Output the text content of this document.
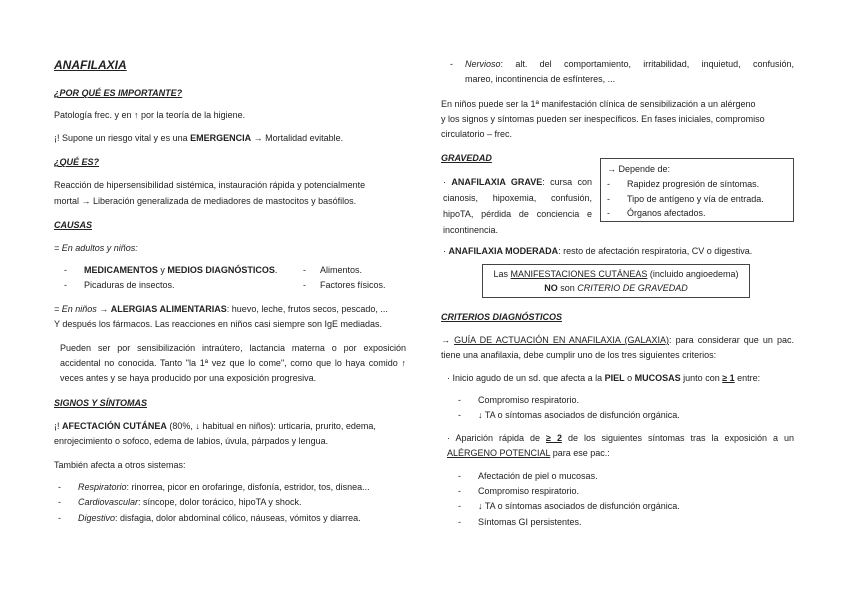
ANAFILAXIA
¿POR QUÉ ES IMPORTANTE?
Patología frec. y en ↑ por la teoría de la higiene.
¡! Supone un riesgo vital y es una EMERGENCIA → Mortalidad evitable.
¿QUÉ ES?
Reacción de hipersensibilidad sistémica, instauración rápida y potencialmente
mortal → Liberación generalizada de mediadores de mastocitos y basófilos.
CAUSAS
= En adultos y niños:
- MEDICAMENTOS y MEDIOS DIAGNÓSTICOS.
- Picaduras de insectos.
- Alimentos.
- Factores físicos.
= En niños → ALERGIAS ALIMENTARIAS: huevo, leche, frutos secos, pescado, ...
Y después los fármacos. Las reacciones en niños casi siempre son IgE mediadas.
Pueden ser por sensibilización intraútero, lactancia materna o por exposición accidental no conocida. Tanto "la 1ª vez que lo come", como que lo haya comido ↑ veces antes y se haya producido por una exposición progresiva.
SIGNOS Y SÍNTOMAS
¡! AFECTACIÓN CUTÁNEA (80%, ↓ habitual en niños): urticaria, prurito, edema,
enrojecimiento o sofoco, edema de labios, úvula, párpados y lengua.
También afecta a otros sistemas:
- Respiratorio: rinorrea, picor en orofaringe, disfonía, estridor, tos, disnea...
- Cardiovascular: síncope, dolor torácico, hipoTA y shock.
- Digestivo: disfagia, dolor abdominal cólico, náuseas, vómitos y diarrea.
- Nervioso: alt. del comportamiento, irritabilidad, inquietud, confusión,
mareo, incontinencia de esfínteres, ...
En niños puede ser la 1ª manifestación clínica de sensibilización a un alérgeno
y los signos y síntomas pueden ser inespecíficos. En fases iniciales, compromiso
circulatorio – frec.
GRAVEDAD
→ Depende de:
- Rapidez progresión de síntomas.
- Tipo de antígeno y vía de entrada.
- Órganos afectados.
· ANAFILAXIA GRAVE: cursa con cianosis, hipoxemia, confusión, hipoTA, pérdida de conciencia e incontinencia.
· ANAFILAXIA MODERADA: resto de afectación respiratoria, CV o digestiva.
Las MANIFESTACIONES CUTÁNEAS (incluido angioedema)
NO son CRITERIO DE GRAVEDAD
CRITERIOS DIAGNÓSTICOS
→ GUÍA DE ACTUACIÓN EN ANAFILAXIA (GALAXIA): para considerar que un pac.
tiene una anafilaxia, debe cumplir uno de los tres siguientes criterios:
· Inicio agudo de un sd. que afecta a la PIEL o MUCOSAS junto con ≥ 1 entre:
- Compromiso respiratorio.
- ↓ TA o síntomas asociados de disfunción orgánica.
· Aparición rápida de ≥ 2 de los siguientes síntomas tras la exposición a un
ALÉRGENO POTENCIAL para ese pac.:
- Afectación de piel o mucosas.
- Compromiso respiratorio.
- ↓ TA o síntomas asociados de disfunción orgánica.
- Síntomas GI persistentes.
